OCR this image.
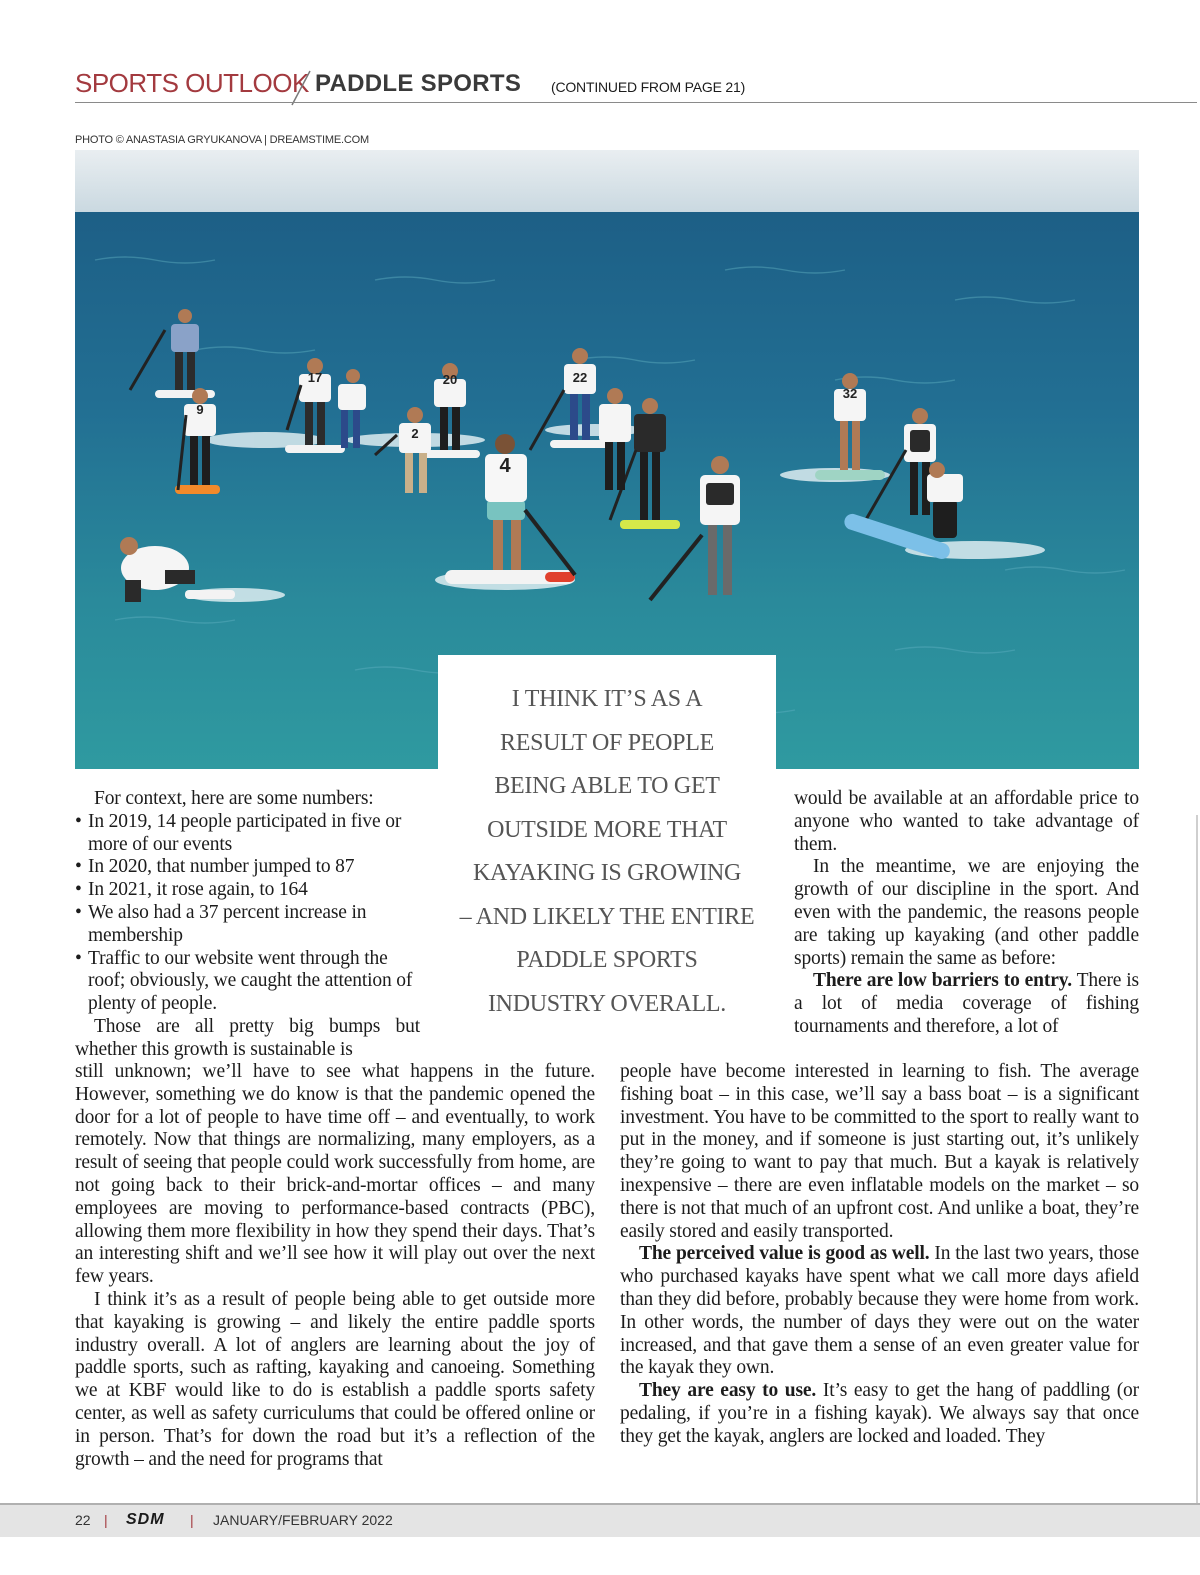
SPORTS OUTLOOK PADDLE SPORTS (CONTINUED FROM PAGE 21)
PHOTO © ANASTASIA GRYUKANOVA | DREAMSTIME.COM
17	20	22
32
9
2
4
I THINK IT’S AS A
RESULT OF PEOPLE
BEING ABLE TO GET
OUTSIDE MORE THAT
KAYAKING IS GROWING
– AND LIKELY THE ENTIRE
PADDLE SPORTS
INDUSTRY OVERALL.

For context, here are some numbers:

• In 2019, 14 people participated in five or more of our events

• In 2020, that number jumped to 87

• In 2021, it rose again, to 164

• We also had a 37 percent increase in membership

• Traffic to our website went through the roof; obviously, we caught the attention of plenty of people.

Those are all pretty big bumps but whether this growth is sustainable is

still unknown; we’ll have to see what happens in the future. However, something we do know is that the pandemic opened the door for a lot of people to have time off – and eventually, to work remotely. Now that things are normalizing, many employers, as a result of seeing that people could work successfully from home, are not going back to their brick-and-mortar offices – and many employees are moving to performance-based contracts (PBC), allowing them more flexibility in how they spend their days. That’s an interesting shift and we’ll see how it will play out over the next few years.

I think it’s as a result of people being able to get outside more that kayaking is growing – and likely the entire paddle sports industry overall. A lot of anglers are learning about the joy of paddle sports, such as rafting, kayaking and canoeing. Something we at KBF would like to do is establish a paddle sports safety center, as well as safety curriculums that could be offered online or in person. That’s for down the road but it’s a reflection of the growth – and the need for programs that

would be available at an affordable price to anyone who wanted to take advantage of them.

In the meantime, we are enjoying the growth of our discipline in the sport. And even with the pandemic, the reasons people are taking up kayaking (and other paddle sports) remain the same as before:

There are low barriers to entry. There is a lot of media coverage of fishing tournaments and therefore, a lot of

people have become interested in learning to fish. The average fishing boat – in this case, we’ll say a bass boat – is a significant investment. You have to be committed to the sport to really want to put in the money, and if someone is just starting out, it’s unlikely they’re going to want to pay that much. But a kayak is relatively inexpensive – there are even inflatable models on the market – so there is not that much of an upfront cost. And unlike a boat, they’re easily stored and easily transported.

The perceived value is good as well. In the last two years, those who purchased kayaks have spent what we call more days afield than they did before, probably because they were home from work. In other words, the number of days they were out on the water increased, and that gave them a sense of an even greater value for the kayak they own.

They are easy to use. It’s easy to get the hang of paddling (or pedaling, if you’re in a fishing kayak). We always say that once they get the kayak, anglers are locked and loaded. They

22 | SDM | JANUARY/FEBRUARY 2022
